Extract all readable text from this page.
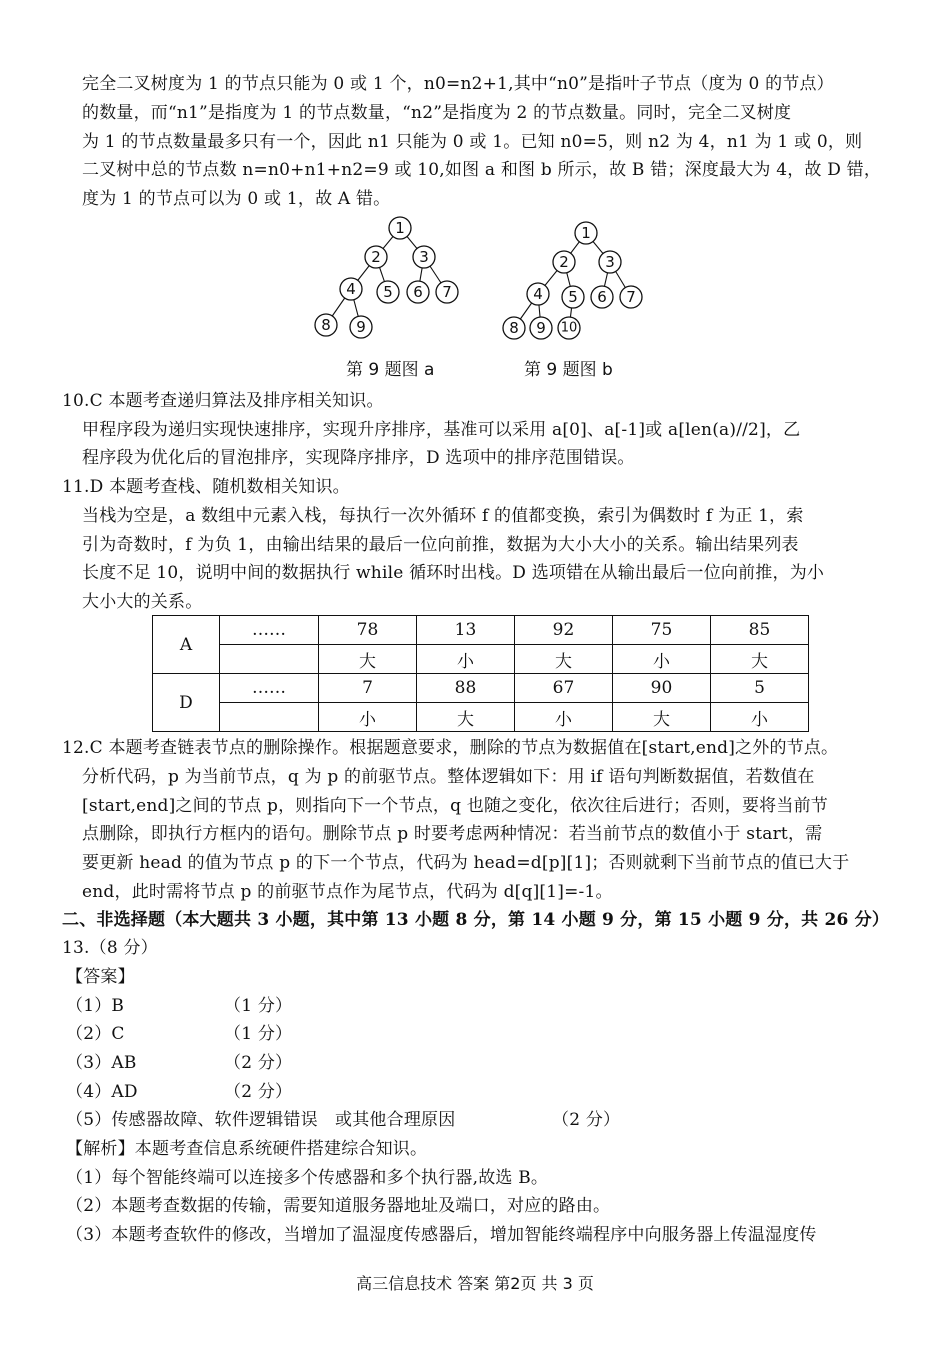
完全二叉树度为 1 的节点只能为 0 或 1 个，n0=n2+1,其中“n0”是指叶子节点（度为 0 的节点）
的数量，而“n1”是指度为 1 的节点数量，“n2”是指度为 2 的节点数量。同时，完全二叉树度
为 1 的节点数量最多只有一个，因此 n1 只能为 0 或 1。已知 n0=5，则 n2 为 4，n1 为 1 或 0，则
二叉树中总的节点数 n=n0+n1+n2=9 或 10,如图 a 和图 b 所示，故 B 错；深度最大为 4，故 D 错，
度为 1 的节点可以为 0 或 1，故 A 错。
1
2	3
4 5 6 7
8 9
1
2 3
4 5 6 7
8 9 10
第 9 题图 a	第 9 题图 b
10.C 本题考查递归算法及排序相关知识。
甲程序段为递归实现快速排序，实现升序排序，基准可以采用 a[0]、a[-1]或 a[len(a)//2]，乙
程序段为优化后的冒泡排序，实现降序排序，D 选项中的排序范围错误。
11.D 本题考查栈、随机数相关知识。
当栈为空是，a 数组中元素入栈，每执行一次外循环 f 的值都变换，索引为偶数时 f 为正 1，索
引为奇数时，f 为负 1，由输出结果的最后一位向前推，数据为大小大小的关系。输出结果列表
长度不足 10，说明中间的数据执行 while 循环时出栈。D 选项错在从输出最后一位向前推，为小
大小大的关系。
A	……	78	13	92	75	85
		大	小	大	小	大
D	……	7	88	67	90	5
		小	大	小	大	小
12.C 本题考查链表节点的删除操作。根据题意要求，删除的节点为数据值在[start,end]之外的节点。
分析代码，p 为当前节点，q 为 p 的前驱节点。整体逻辑如下：用 if 语句判断数据值，若数值在
[start,end]之间的节点 p，则指向下一个节点，q 也随之变化，依次往后进行；否则，要将当前节
点删除，即执行方框内的语句。删除节点 p 时要考虑两种情况：若当前节点的数值小于 start，需
要更新 head 的值为节点 p 的下一个节点，代码为 head=d[p][1]；否则就剩下当前节点的值已大于
end，此时需将节点 p 的前驱节点作为尾节点，代码为 d[q][1]=-1。
二、非选择题（本大题共 3 小题，其中第 13 小题 8 分，第 14 小题 9 分，第 15 小题 9 分，共 26 分）
13.（8 分）
【答案】
（1）B	（1 分）
（2）C	（1 分）
（3）AB	（2 分）
（4）AD	（2 分）
（5）传感器故障、软件逻辑错误　或其他合理原因	（2 分）
【解析】本题考查信息系统硬件搭建综合知识。
（1）每个智能终端可以连接多个传感器和多个执行器,故选 B。
（2）本题考查数据的传输，需要知道服务器地址及端口，对应的路由。
（3）本题考查软件的修改，当增加了温湿度传感器后，增加智能终端程序中向服务器上传温湿度传
高三信息技术 答案 第2页 共 3 页
